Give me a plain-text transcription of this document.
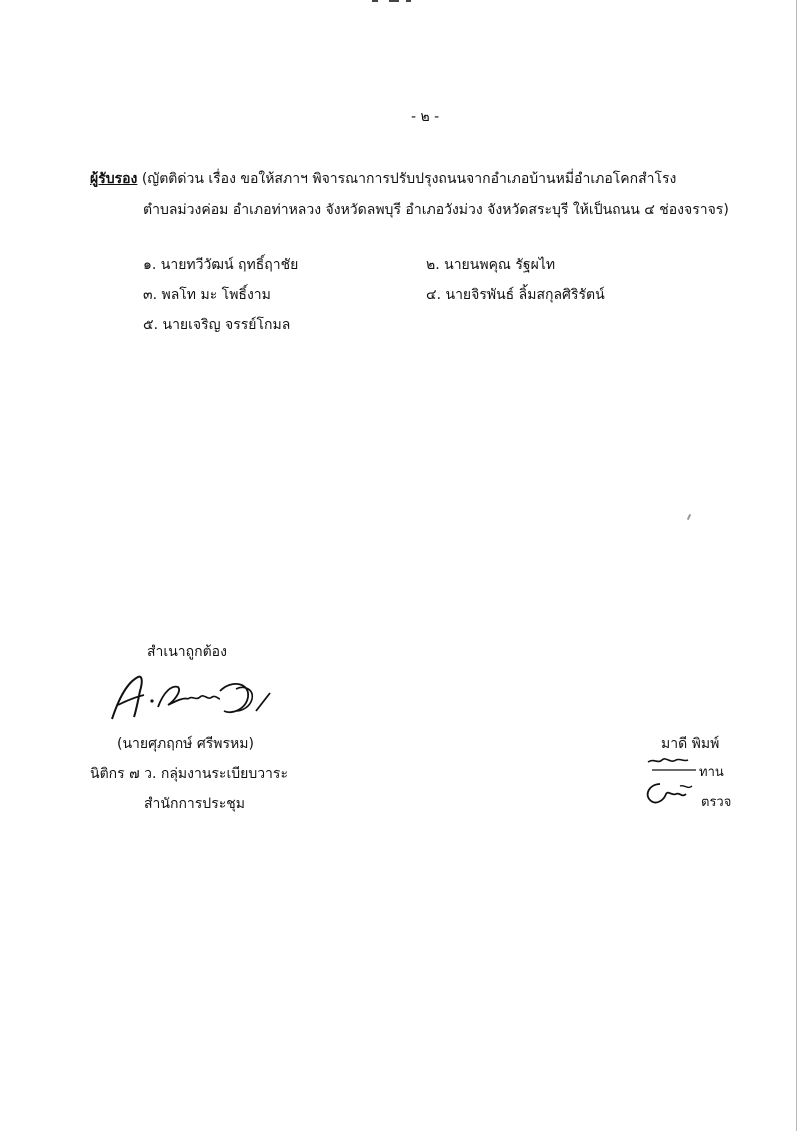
- ๒ -
ผู้รับรอง (ญัตติด่วน เรื่อง ขอให้สภาฯ พิจารณาการปรับปรุงถนนจากอำเภอบ้านหมี่อำเภอโคกสำโรง
ตำบลม่วงค่อม อำเภอท่าหลวง จังหวัดลพบุรี อำเภอวังม่วง จังหวัดสระบุรี ให้เป็นถนน ๔ ช่องจราจร)
๑. นายทวีวัฒน์ ฤทธิ์ฤาชัย	๒. นายนพคุณ รัฐผไท
๓. พลโท มะ โพธิ์งาม	๔. นายจิรพันธ์ ลิ้มสกุลศิริรัตน์
๕. นายเจริญ จรรย์โกมล
สำเนาถูกต้อง
(นายศุภฤกษ์ ศรีพรหม)
นิติกร ๗ ว. กลุ่มงานระเบียบวาระ
สำนักการประชุม
มาดี พิมพ์
ทาน
ตรวจ
